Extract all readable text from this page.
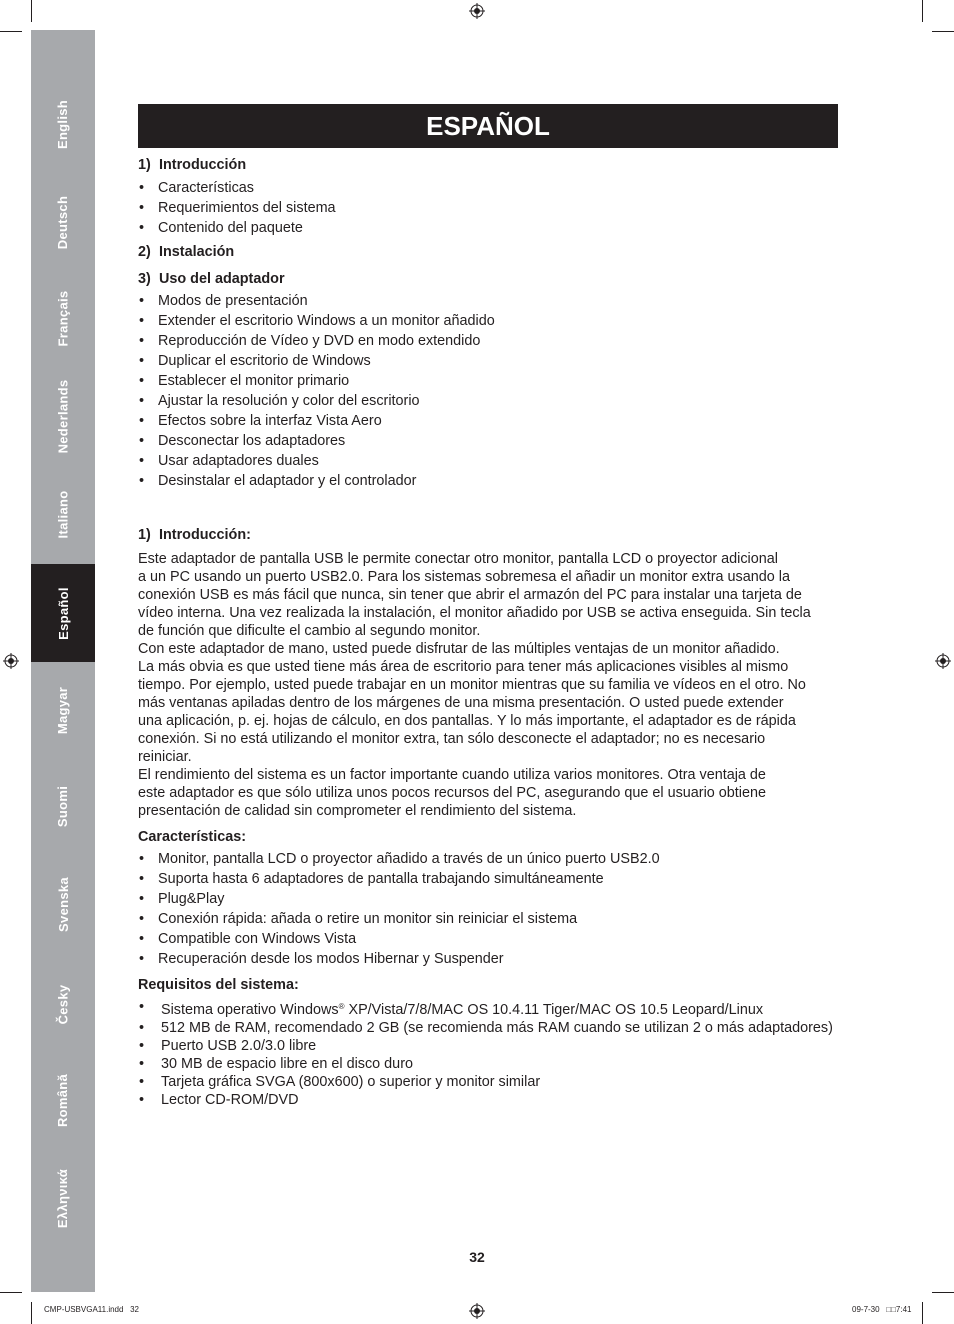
English
Deutsch
Français
Nederlands
Italiano
Español
Magyar
Suomi
Svenska
Česky
Română
Ελληνικά
ESPAÑOL
1) Introducción
• Características
• Requerimientos del sistema
• Contenido del paquete
2) Instalación
3) Uso del adaptador
• Modos de presentación
• Extender el escritorio Windows a un monitor añadido
• Reproducción de Vídeo y DVD en modo extendido
• Duplicar el escritorio de Windows
• Establecer el monitor primario
• Ajustar la resolución y color del escritorio
• Efectos sobre la interfaz Vista Aero
• Desconectar los adaptadores
• Usar adaptadores duales
• Desinstalar el adaptador y el controlador
1) Introducción:

Este adaptador de pantalla USB le permite conectar otro monitor, pantalla LCD o proyector adicional
a un PC usando un puerto USB2.0. Para los sistemas sobremesa el añadir un monitor extra usando la
conexión USB es más fácil que nunca, sin tener que abrir el armazón del PC para instalar una tarjeta de
vídeo interna. Una vez realizada la instalación, el monitor añadido por USB se activa enseguida. Sin tecla
de función que dificulte el cambio al segundo monitor.

Con este adaptador de mano, usted puede disfrutar de las múltiples ventajas de un monitor añadido.
La más obvia es que usted tiene más área de escritorio para tener más aplicaciones visibles al mismo
tiempo. Por ejemplo, usted puede trabajar en un monitor mientras que su familia ve vídeos en el otro. No
más ventanas apiladas dentro de los márgenes de una misma presentación. O usted puede extender
una aplicación, p. ej. hojas de cálculo, en dos pantallas. Y lo más importante, el adaptador es de rápida
conexión. Si no está utilizando el monitor extra, tan sólo desconecte el adaptador; no es necesario
reiniciar.

El rendimiento del sistema es un factor importante cuando utiliza varios monitores. Otra ventaja de
este adaptador es que sólo utiliza unos pocos recursos del PC, asegurando que el usuario obtiene
presentación de calidad sin comprometer el rendimiento del sistema.

Características:
• Monitor, pantalla LCD o proyector añadido a través de un único puerto USB2.0
• Suporta hasta 6 adaptadores de pantalla trabajando simultáneamente
• Plug&Play
• Conexión rápida: añada o retire un monitor sin reiniciar el sistema
• Compatible con Windows Vista
• Recuperación desde los modos Hibernar y Suspender
Requisitos del sistema:
• Sistema operativo Windows® XP/Vista/7/8/MAC OS 10.4.11 Tiger/MAC OS 10.5 Leopard/Linux
• 512 MB de RAM, recomendado 2 GB (se recomienda más RAM cuando se utilizan 2 o más adaptadores)
• Puerto USB 2.0/3.0 libre
• 30 MB de espacio libre en el disco duro
• Tarjeta gráfica SVGA (800x600) o superior y monitor similar
• Lector CD-ROM/DVD
32
CMP-USBVGA11.indd   32	09-7-30   □□7:41
